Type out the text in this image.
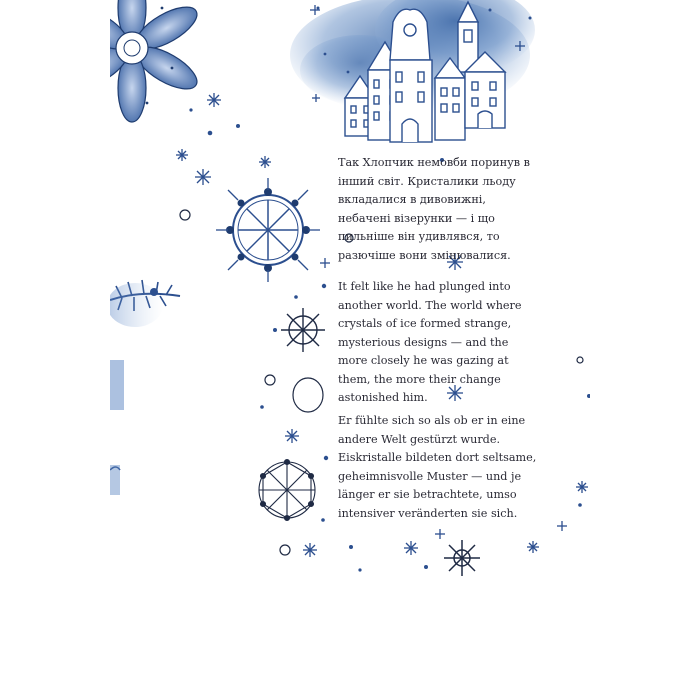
Так Хлопчик немовби поринув в інший світ. Кристалики льоду вкладалися в дивовижні, небачені візерунки — і що пильніше він удивлявся, то разючіше вони змінювалися.

It felt like he had plunged into another world. The world where crystals of ice formed strange, mysterious designs — and the more closely he was gazing at them, the more their change astonished him.

Er fühlte sich so als ob er in eine andere Welt gestürzt wurde. Eiskristalle bildeten dort seltsame, geheimnisvolle Muster — und je länger er sie betrachtete, umso intensiver veränderten sie sich.
